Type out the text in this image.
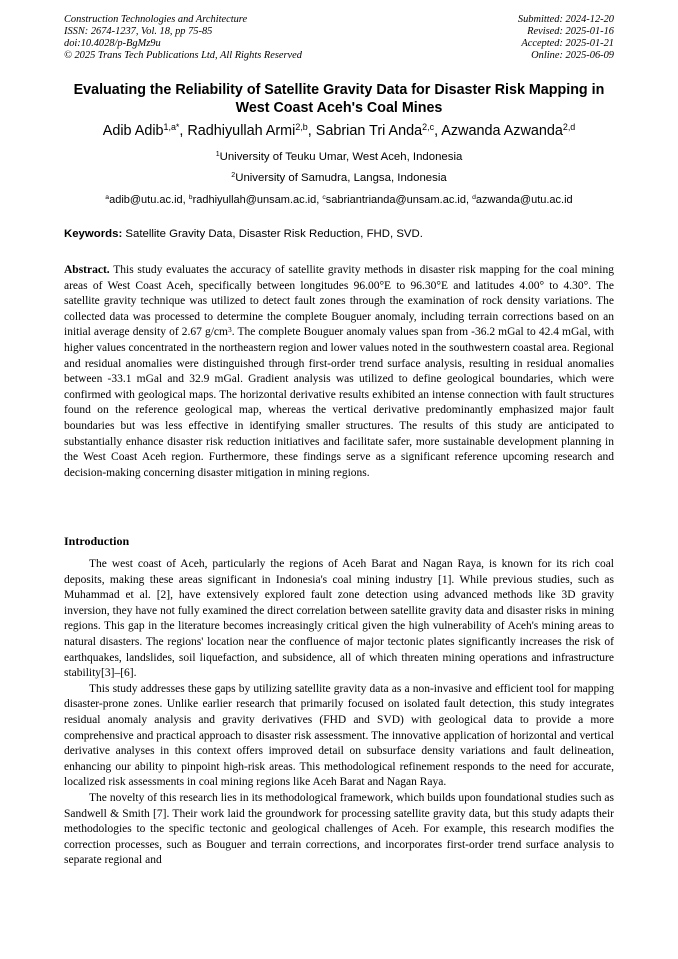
Construction Technologies and Architecture
ISSN: 2674-1237, Vol. 18, pp 75-85
doi:10.4028/p-BgMz9u
© 2025 Trans Tech Publications Ltd, All Rights Reserved
Submitted: 2024-12-20
Revised: 2025-01-16
Accepted: 2025-01-21
Online: 2025-06-09
Evaluating the Reliability of Satellite Gravity Data for Disaster Risk Mapping in West Coast Aceh's Coal Mines
Adib Adib$^{1,a*}$, Radhiyullah Armi$^{2,b}$, Sabrian Tri Anda$^{2,c}$, Azwanda Azwanda$^{2,d}$
$^1$University of Teuku Umar, West Aceh, Indonesia
$^2$University of Samudra, Langsa, Indonesia
$^a$adib@utu.ac.id, $^b$radhiyullah@unsam.ac.id, $^c$sabriantrianda@unsam.ac.id, $^d$azwanda@utu.ac.id
Keywords: Satellite Gravity Data, Disaster Risk Reduction, FHD, SVD.
Abstract. This study evaluates the accuracy of satellite gravity methods in disaster risk mapping for the coal mining areas of West Coast Aceh, specifically between longitudes 96.00°E to 96.30°E and latitudes 4.00° to 4.30°. The satellite gravity technique was utilized to detect fault zones through the examination of rock density variations. The collected data was processed to determine the complete Bouguer anomaly, including terrain corrections based on an initial average density of 2.67 $g/cm^3$. The complete Bouguer anomaly values span from -36.2 mGal to 42.4 mGal, with higher values concentrated in the northeastern region and lower values noted in the southwestern coastal area. Regional and residual anomalies were distinguished through first-order trend surface analysis, resulting in residual anomalies between -33.1 mGal and 32.9 mGal. Gradient analysis was utilized to define geological boundaries, which were confirmed with geological maps. The horizontal derivative results exhibited an intense connection with fault structures found on the reference geological map, whereas the vertical derivative predominantly emphasized major fault boundaries but was less effective in identifying smaller structures. The results of this study are anticipated to substantially enhance disaster risk reduction initiatives and facilitate safer, more sustainable development planning in the West Coast Aceh region. Furthermore, these findings serve as a significant reference upcoming research and decision-making concerning disaster mitigation in mining regions.
Introduction

The west coast of Aceh, particularly the regions of Aceh Barat and Nagan Raya, is known for its rich coal deposits, making these areas significant in Indonesia's coal mining industry [1]. While previous studies, such as Muhammad et al. [2], have extensively explored fault zone detection using advanced methods like 3D gravity inversion, they have not fully examined the direct correlation between satellite gravity data and disaster risks in mining regions. This gap in the literature becomes increasingly critical given the high vulnerability of Aceh's mining areas to natural disasters. The regions' location near the confluence of major tectonic plates significantly increases the risk of earthquakes, landslides, soil liquefaction, and subsidence, all of which threaten mining operations and infrastructure stability[3]–[6].

This study addresses these gaps by utilizing satellite gravity data as a non-invasive and efficient tool for mapping disaster-prone zones. Unlike earlier research that primarily focused on isolated fault detection, this study integrates residual anomaly analysis and gravity derivatives (FHD and SVD) with geological data to provide a more comprehensive and practical approach to disaster risk assessment. The innovative application of horizontal and vertical derivative analyses in this context offers improved detail on subsurface density variations and fault delineation, enhancing our ability to pinpoint high-risk areas. This methodological refinement responds to the need for accurate, localized risk assessments in coal mining regions like Aceh Barat and Nagan Raya.

The novelty of this research lies in its methodological framework, which builds upon foundational studies such as Sandwell & Smith [7]. Their work laid the groundwork for processing satellite gravity data, but this study adapts their methodologies to the specific tectonic and geological challenges of Aceh. For example, this research modifies the correction processes, such as Bouguer and terrain corrections, and incorporates first-order trend surface analysis to separate regional and
